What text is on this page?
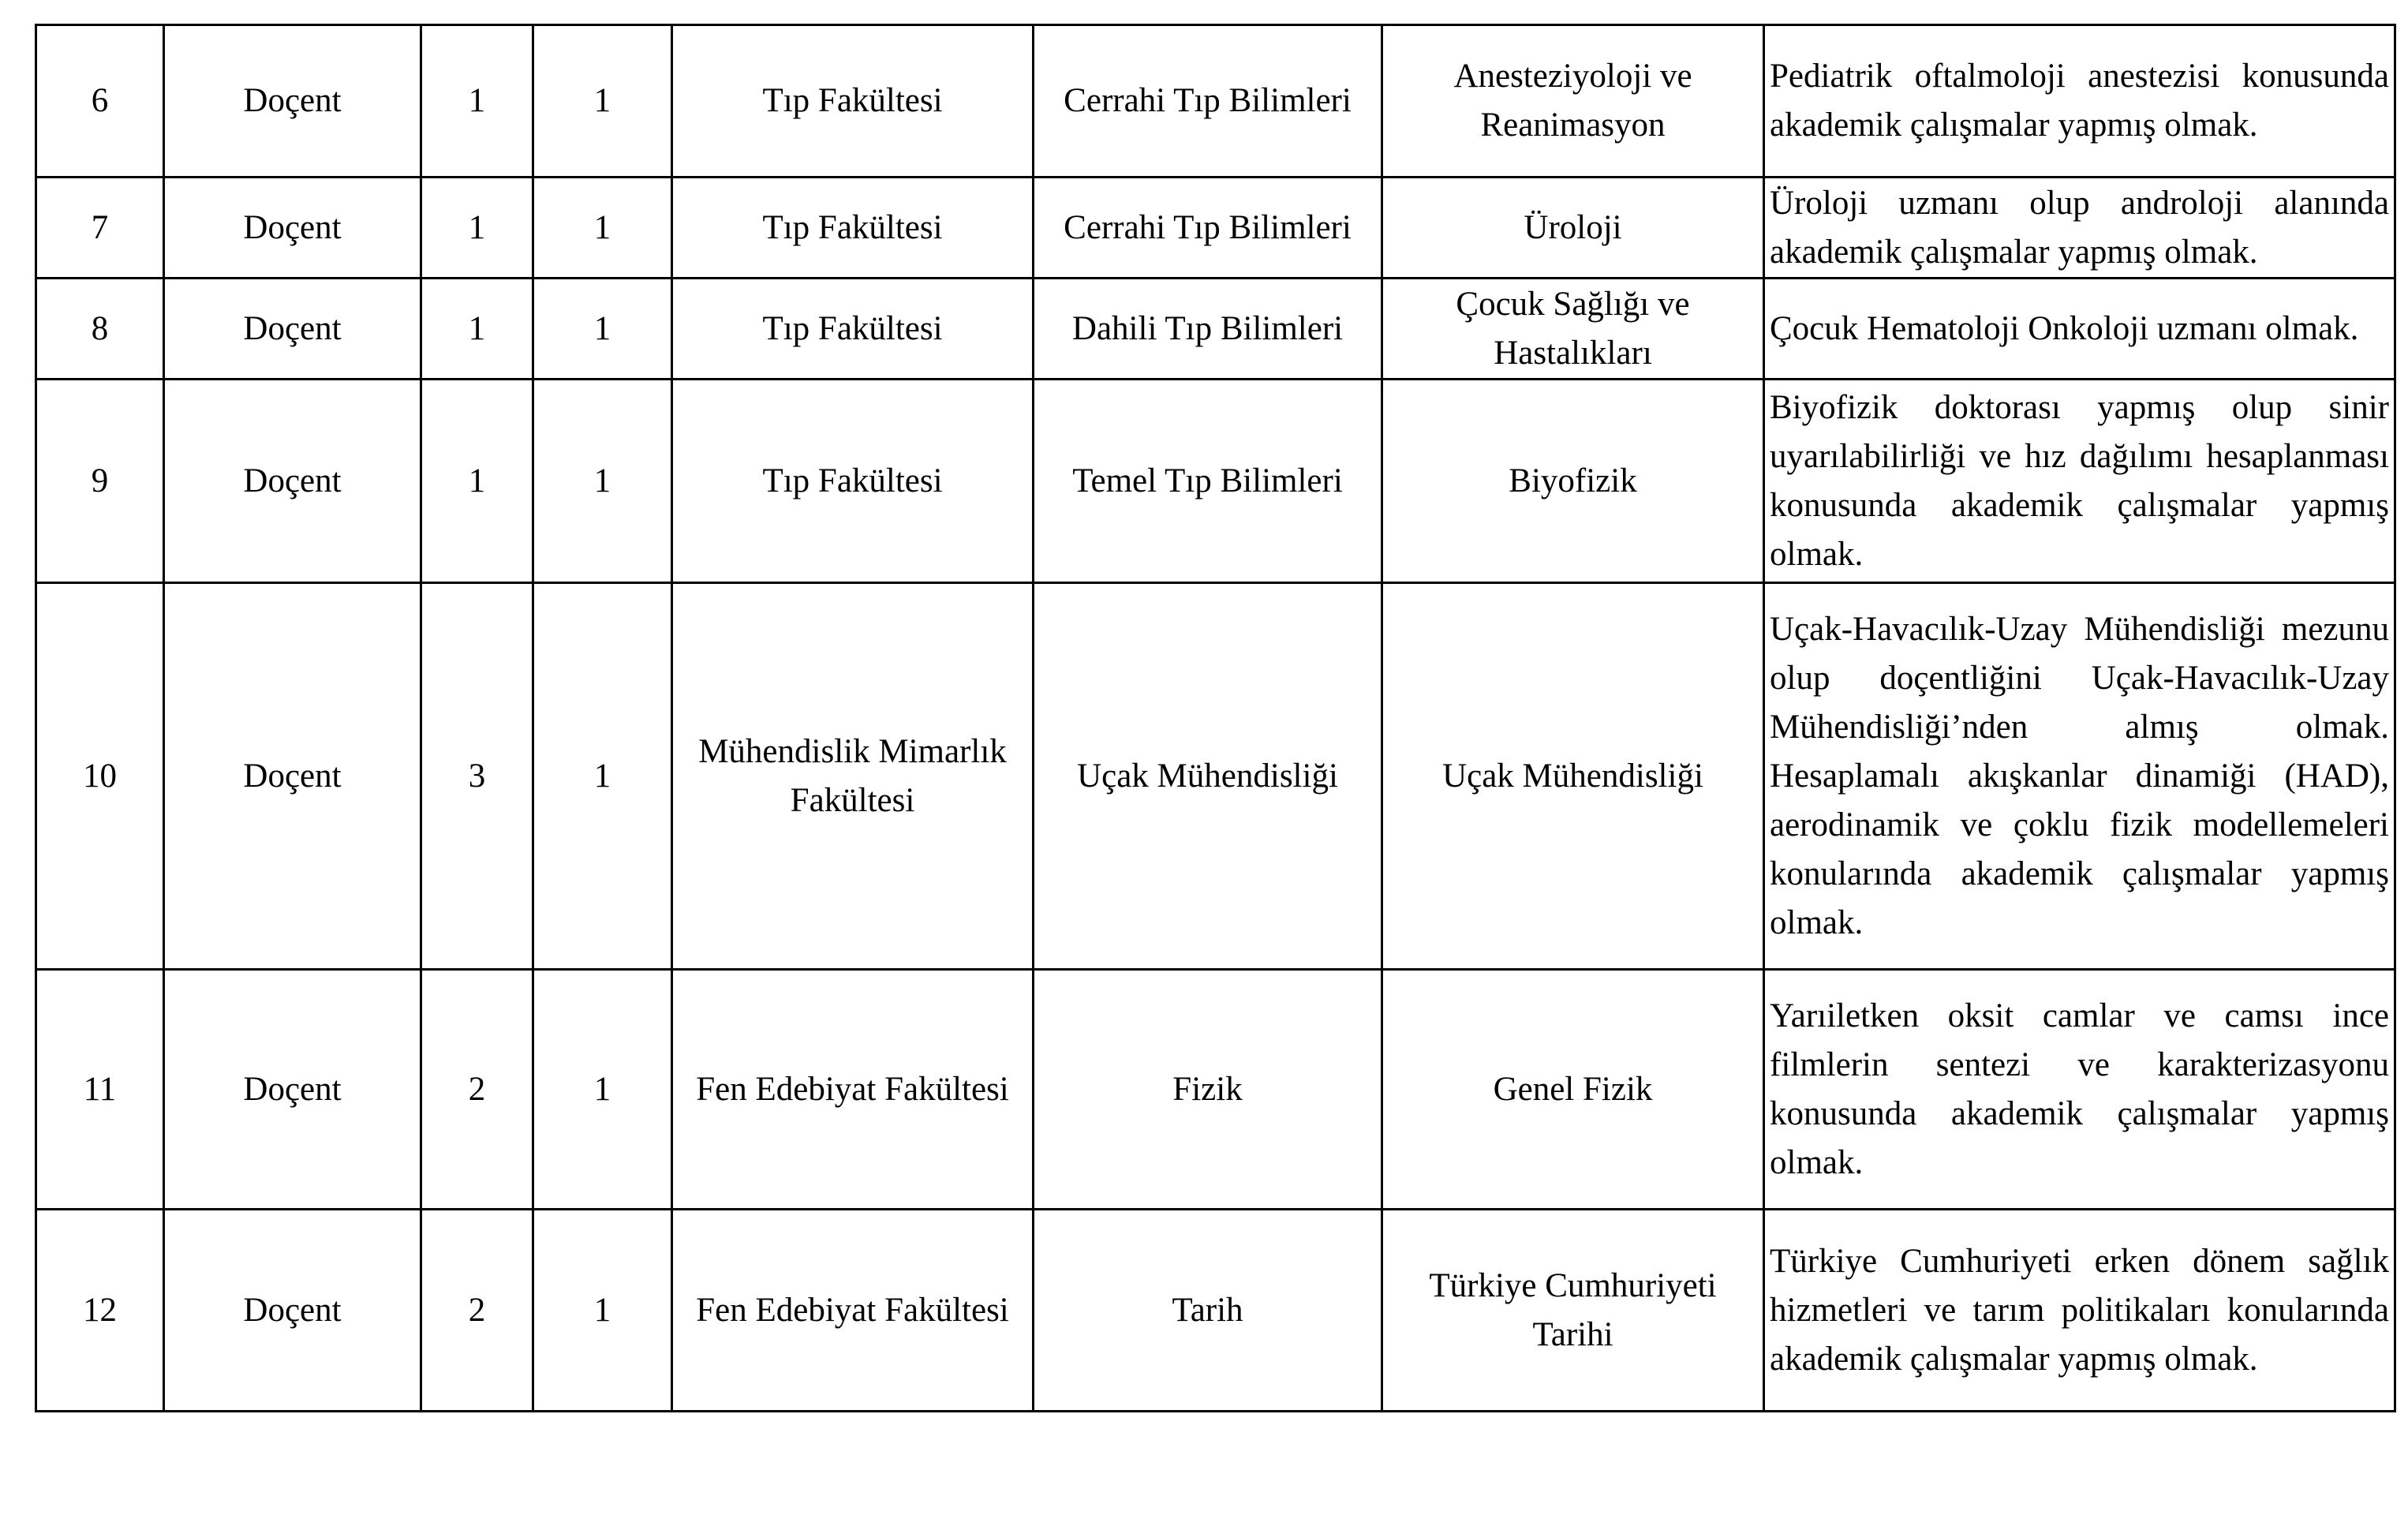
6	Doçent	1	1	Tıp Fakültesi	Cerrahi Tıp Bilimleri	Anesteziyoloji ve Reanimasyon	Pediatrik oftalmoloji anestezisi konusunda akademik çalışmalar yapmış olmak.
7	Doçent	1	1	Tıp Fakültesi	Cerrahi Tıp Bilimleri	Üroloji	Üroloji uzmanı olup androloji alanında akademik çalışmalar yapmış olmak.
8	Doçent	1	1	Tıp Fakültesi	Dahili Tıp Bilimleri	Çocuk Sağlığı ve Hastalıkları	Çocuk Hematoloji Onkoloji uzmanı olmak.
9	Doçent	1	1	Tıp Fakültesi	Temel Tıp Bilimleri	Biyofizik	Biyofizik doktorası yapmış olup sinir uyarılabilirliği ve hız dağılımı hesaplanması konusunda akademik çalışmalar yapmış olmak.
10	Doçent	3	1	Mühendislik Mimarlık Fakültesi	Uçak Mühendisliği	Uçak Mühendisliği	Uçak-Havacılık-Uzay Mühendisliği mezunu olup doçentliğini Uçak-Havacılık-Uzay Mühendisliği’nden almış olmak. Hesaplamalı akışkanlar dinamiği (HAD), aerodinamik ve çoklu fizik modellemeleri konularında akademik çalışmalar yapmış olmak.
11	Doçent	2	1	Fen Edebiyat Fakültesi	Fizik	Genel Fizik	Yarıiletken oksit camlar ve camsı ince filmlerin sentezi ve karakterizasyonu konusunda akademik çalışmalar yapmış olmak.
12	Doçent	2	1	Fen Edebiyat Fakültesi	Tarih	Türkiye Cumhuriyeti Tarihi	Türkiye Cumhuriyeti erken dönem sağlık hizmetleri ve tarım politikaları konularında akademik çalışmalar yapmış olmak.
